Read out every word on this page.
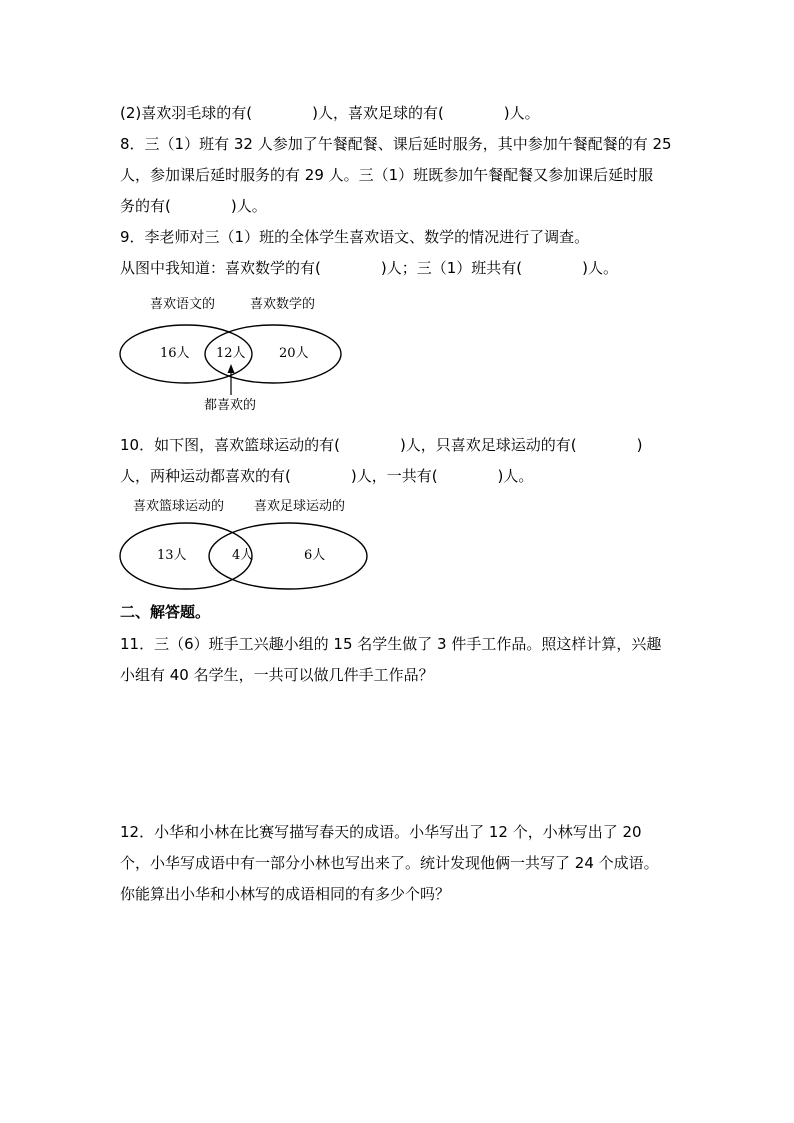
(2)喜欢羽毛球的有(　　　　)人，喜欢足球的有(　　　　)人。
8．三（1）班有 32 人参加了午餐配餐、课后延时服务，其中参加午餐配餐的有 25
人，参加课后延时服务的有 29 人。三（1）班既参加午餐配餐又参加课后延时服
务的有(　　　　)人。
9．李老师对三（1）班的全体学生喜欢语文、数学的情况进行了调查。
从图中我知道：喜欢数学的有(　　　　)人；三（1）班共有(　　　　)人。
喜欢语文的	喜欢数学的
16人 12人	20人
都喜欢的
10．如下图，喜欢篮球运动的有(　　　　)人，只喜欢足球运动的有(　　　　)
人，两种运动都喜欢的有(　　　　)人，一共有(　　　　)人。
喜欢篮球运动的 喜欢足球运动的
13人	4人	6人
二、解答题。
11．三（6）班手工兴趣小组的 15 名学生做了 3 件手工作品。照这样计算，兴趣
小组有 40 名学生，一共可以做几件手工作品？
12．小华和小林在比赛写描写春天的成语。小华写出了 12 个，小林写出了 20
个，小华写成语中有一部分小林也写出来了。统计发现他俩一共写了 24 个成语。
你能算出小华和小林写的成语相同的有多少个吗？
